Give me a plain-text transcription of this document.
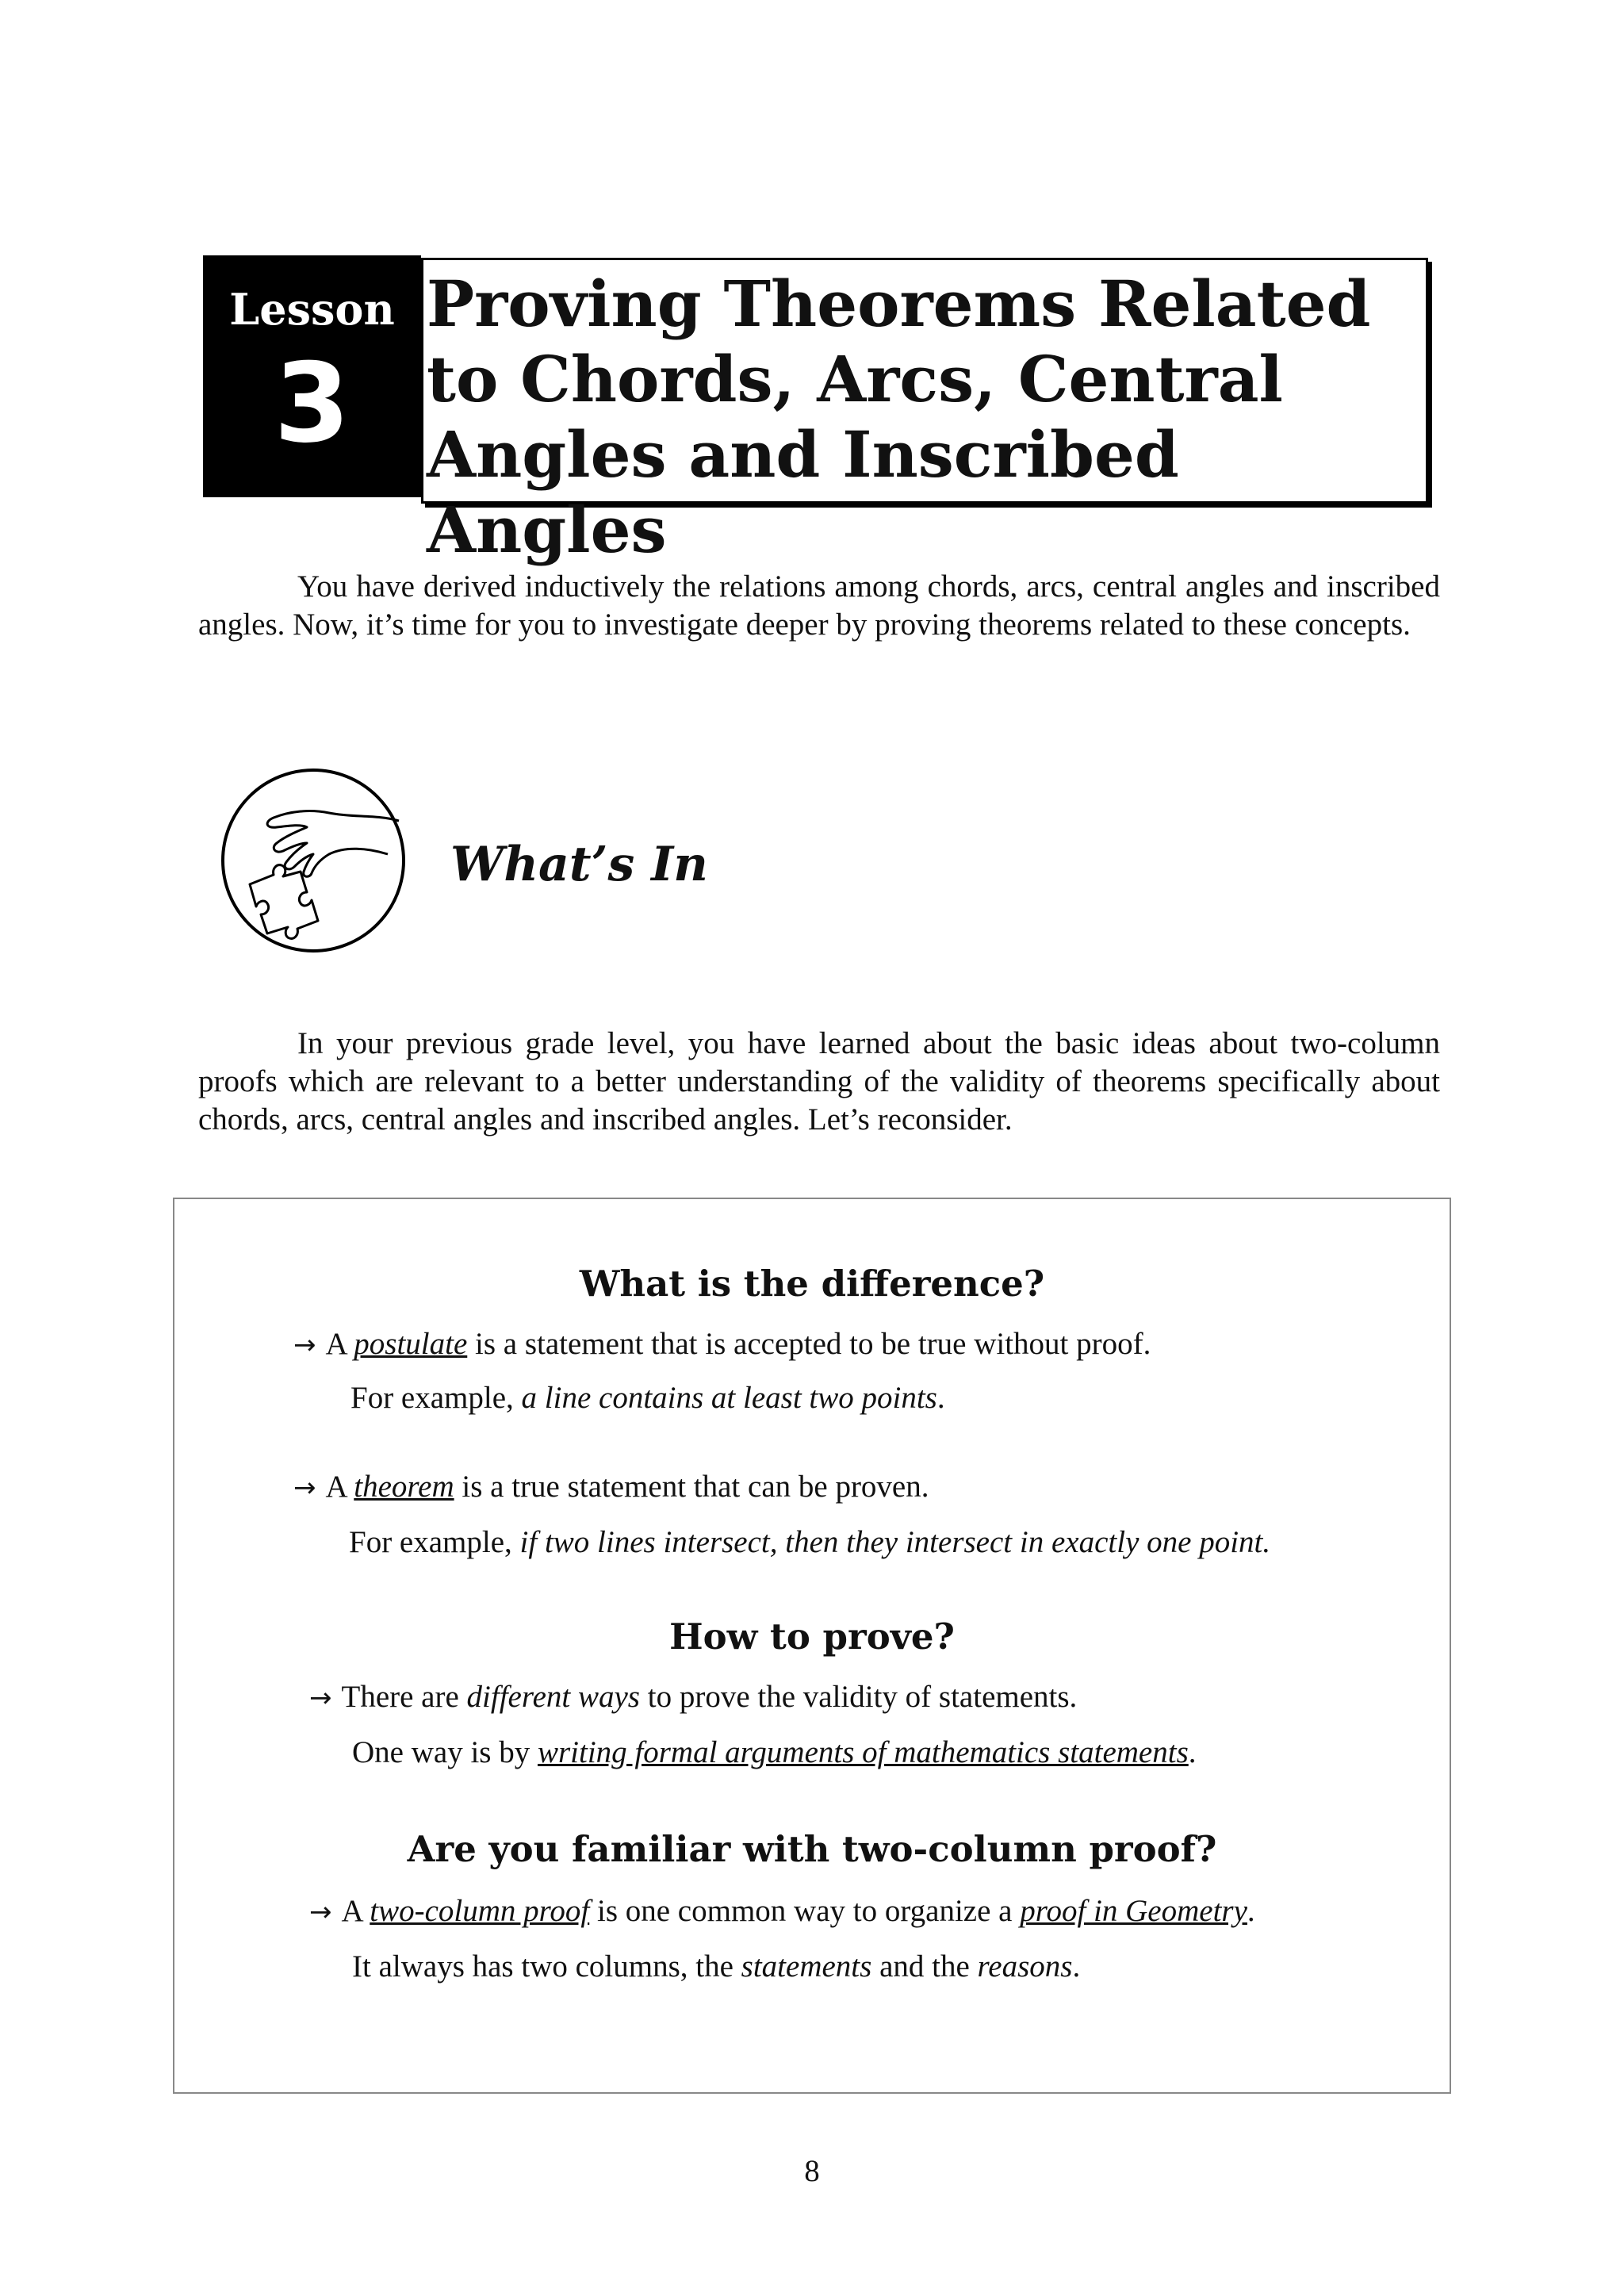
Lesson
3
Proving Theorems Related
to Chords, Arcs, Central
Angles and Inscribed Angles
You have derived inductively the relations among chords, arcs, central angles and inscribed angles. Now, it’s time for you to investigate deeper by proving theorems related to these concepts.
What’s In
In your previous grade level, you have learned about the basic ideas about two-column proofs which are relevant to a better understanding of the validity of theorems specifically about chords, arcs, central angles and inscribed angles. Let’s reconsider.
What is the difference?
→ A postulate is a statement that is accepted to be true without proof.
For example, a line contains at least two points.
→ A theorem is a true statement that can be proven.
For example, if two lines intersect, then they intersect in exactly one point.
How to prove?
→ There are different ways to prove the validity of statements.
One way is by writing formal arguments of mathematics statements.
Are you familiar with two-column proof?
→ A two-column proof is one common way to organize a proof in Geometry.
It always has two columns, the statements and the reasons.
8
